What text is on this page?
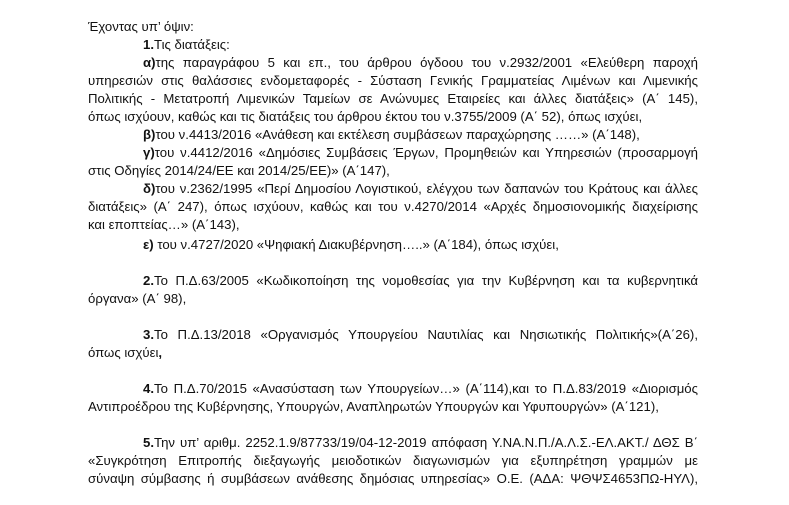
Έχοντας υπ’ όψιν:
1.Τις διατάξεις:
α)της παραγράφου 5 και επ., του άρθρου όγδοου του ν.2932/2001 «Ελεύθερη παροχή
υπηρεσιών στις θαλάσσιες ενδομεταφορές - Σύσταση Γενικής Γραμματείας Λιμένων και Λιμενικής
Πολιτικής - Μετατροπή Λιμενικών Ταμείων σε Ανώνυμες Εταιρείες και άλλες διατάξεις» (Α΄ 145),
όπως ισχύουν, καθώς και τις διατάξεις του άρθρου έκτου του ν.3755/2009 (Α΄ 52), όπως ισχύει,
β)του ν.4413/2016 «Ανάθεση και εκτέλεση συμβάσεων παραχώρησης ……» (Α΄148),
γ)του ν.4412/2016 «Δημόσιες Συμβάσεις Έργων, Προμηθειών και Υπηρεσιών (προσαρμογή
στις Οδηγίες 2014/24/ΕΕ και 2014/25/ΕΕ)» (Α΄147),
δ)του ν.2362/1995 «Περί Δημοσίου Λογιστικού, ελέγχου των δαπανών του Κράτους και άλλες
διατάξεις» (Α΄ 247), όπως ισχύουν, καθώς και του ν.4270/2014 «Αρχές δημοσιονομικής διαχείρισης
και εποπτείας…» (Α΄143),
ε) του ν.4727/2020 «Ψηφιακή Διακυβέρνηση…..» (Α΄184), όπως ισχύει,
2.Το Π.Δ.63/2005 «Κωδικοποίηση της νομοθεσίας για την Κυβέρνηση και τα κυβερνητικά
όργανα» (Α΄ 98),
3.Το Π.Δ.13/2018 «Οργανισμός Υπουργείου Ναυτιλίας και Νησιωτικής Πολιτικής»(Α΄26),
όπως ισχύει,
4.Το Π.Δ.70/2015 «Ανασύσταση των Υπουργείων…» (Α΄114),και το Π.Δ.83/2019 «Διορισμός
Αντιπροέδρου της Κυβέρνησης, Υπουργών, Αναπληρωτών Υπουργών και Υφυπουργών» (Α΄121),
5.Την υπ’ αριθμ. 2252.1.9/87733/19/04-12-2019 απόφαση Υ.ΝΑ.Ν.Π./Α.Λ.Σ.-ΕΛ.ΑΚΤ./ ΔΘΣ Β΄
«Συγκρότηση Επιτροπής διεξαγωγής μειοδοτικών διαγωνισμών για εξυπηρέτηση γραμμών με
σύναψη σύμβασης ή συμβάσεων ανάθεσης δημόσιας υπηρεσίας» Ο.Ε. (ΑΔΑ: ΨΘΨΣ4653ΠΩ-ΗΥΛ),
